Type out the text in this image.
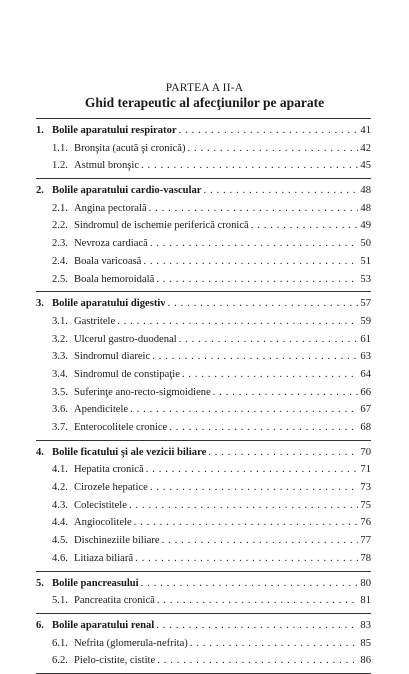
PARTEA A II-A
Ghid terapeutic al afecţiunilor pe aparate
1. Bolile aparatului respirator . . .	41
1.1. Bronşita (acută şi cronică) . . .	42
1.2. Astmul bronşic . . .	45
2. Bolile aparatului cardio-vascular . . .	48
2.1. Angina pectorală . . .	48
2.2. Sindromul de ischemie periferică cronică . . .	49
2.3. Nevroza cardiacă . . .	50
2.4. Boala varicoasă . . .	51
2.5. Boala hemoroidală . . .	53
3. Bolile aparatului digestiv . . .	57
3.1. Gastritele . . .	59
3.2. Ulcerul gastro-duodenal . . .	61
3.3. Sindromul diareic . . .	63
3.4. Sindromul de constipaţie . . .	64
3.5. Suferinţe ano-recto-sigmoidiene . . .	66
3.6. Apendicitele . . .	67
3.7. Enterocolitele cronice . . .	68
4. Bolile ficatului şi ale vezicii biliare . . .	70
4.1. Hepatita cronică . . .	71
4.2. Cirozele hepatice . . .	73
4.3. Colecistitele . . .	75
4.4. Angiocolitele . . .	76
4.5. Dischineziile biliare . . .	77
4.6. Litiaza biliară . . .	78
5. Bolile pancreasului . . .	80
5.1. Pancreatita cronică . . .	81
6. Bolile aparatului renal . . .	83
6.1. Nefrita (glomerula-nefrita) . . .	85
6.2. Pielo-cistite, cistite . . .	86
